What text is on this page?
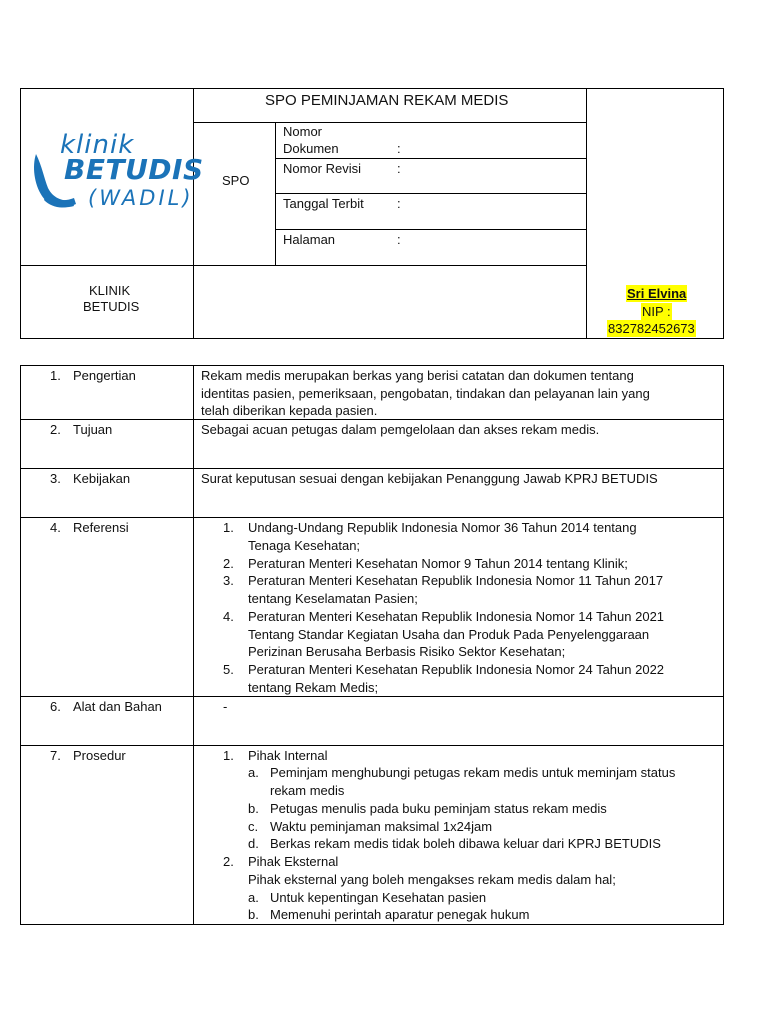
klinik
BETUDIS
(WADIL)
SPO PEMINJAMAN REKAM MEDIS
SPO
Nomor
Dokumen	:
Nomor Revisi	:
Tanggal Terbit	:
Halaman	:
KLINIK
BETUDIS
Sri Elvina
NIP :
832782452673
1. Pengertian	Rekam medis merupakan berkas yang berisi catatan dan dokumen tentang
identitas pasien, pemeriksaan, pengobatan, tindakan dan pelayanan lain yang
telah diberikan kepada pasien.
2. Tujuan	Sebagai acuan petugas dalam pemgelolaan dan akses rekam medis.
3. Kebijakan	Surat keputusan sesuai dengan kebijakan Penanggung Jawab KPRJ BETUDIS
4. Referensi	1. Undang-Undang Republik Indonesia Nomor 36 Tahun 2014 tentang
Tenaga Kesehatan;
2. Peraturan Menteri Kesehatan Nomor 9 Tahun 2014 tentang Klinik;
3. Peraturan Menteri Kesehatan Republik Indonesia Nomor 11 Tahun 2017
tentang Keselamatan Pasien;
4. Peraturan Menteri Kesehatan Republik Indonesia Nomor 14 Tahun 2021
Tentang Standar Kegiatan Usaha dan Produk Pada Penyelenggaraan
Perizinan Berusaha Berbasis Risiko Sektor Kesehatan;
5. Peraturan Menteri Kesehatan Republik Indonesia Nomor 24 Tahun 2022
tentang Rekam Medis;
6. Alat dan Bahan	-
7. Prosedur	1. Pihak Internal
a. Peminjam menghubungi petugas rekam medis untuk meminjam status
rekam medis
b. Petugas menulis pada buku peminjam status rekam medis
c. Waktu peminjaman maksimal 1x24jam
d. Berkas rekam medis tidak boleh dibawa keluar dari KPRJ BETUDIS
2. Pihak Eksternal
Pihak eksternal yang boleh mengakses rekam medis dalam hal;
a. Untuk kepentingan Kesehatan pasien
b. Memenuhi perintah aparatur penegak hukum
